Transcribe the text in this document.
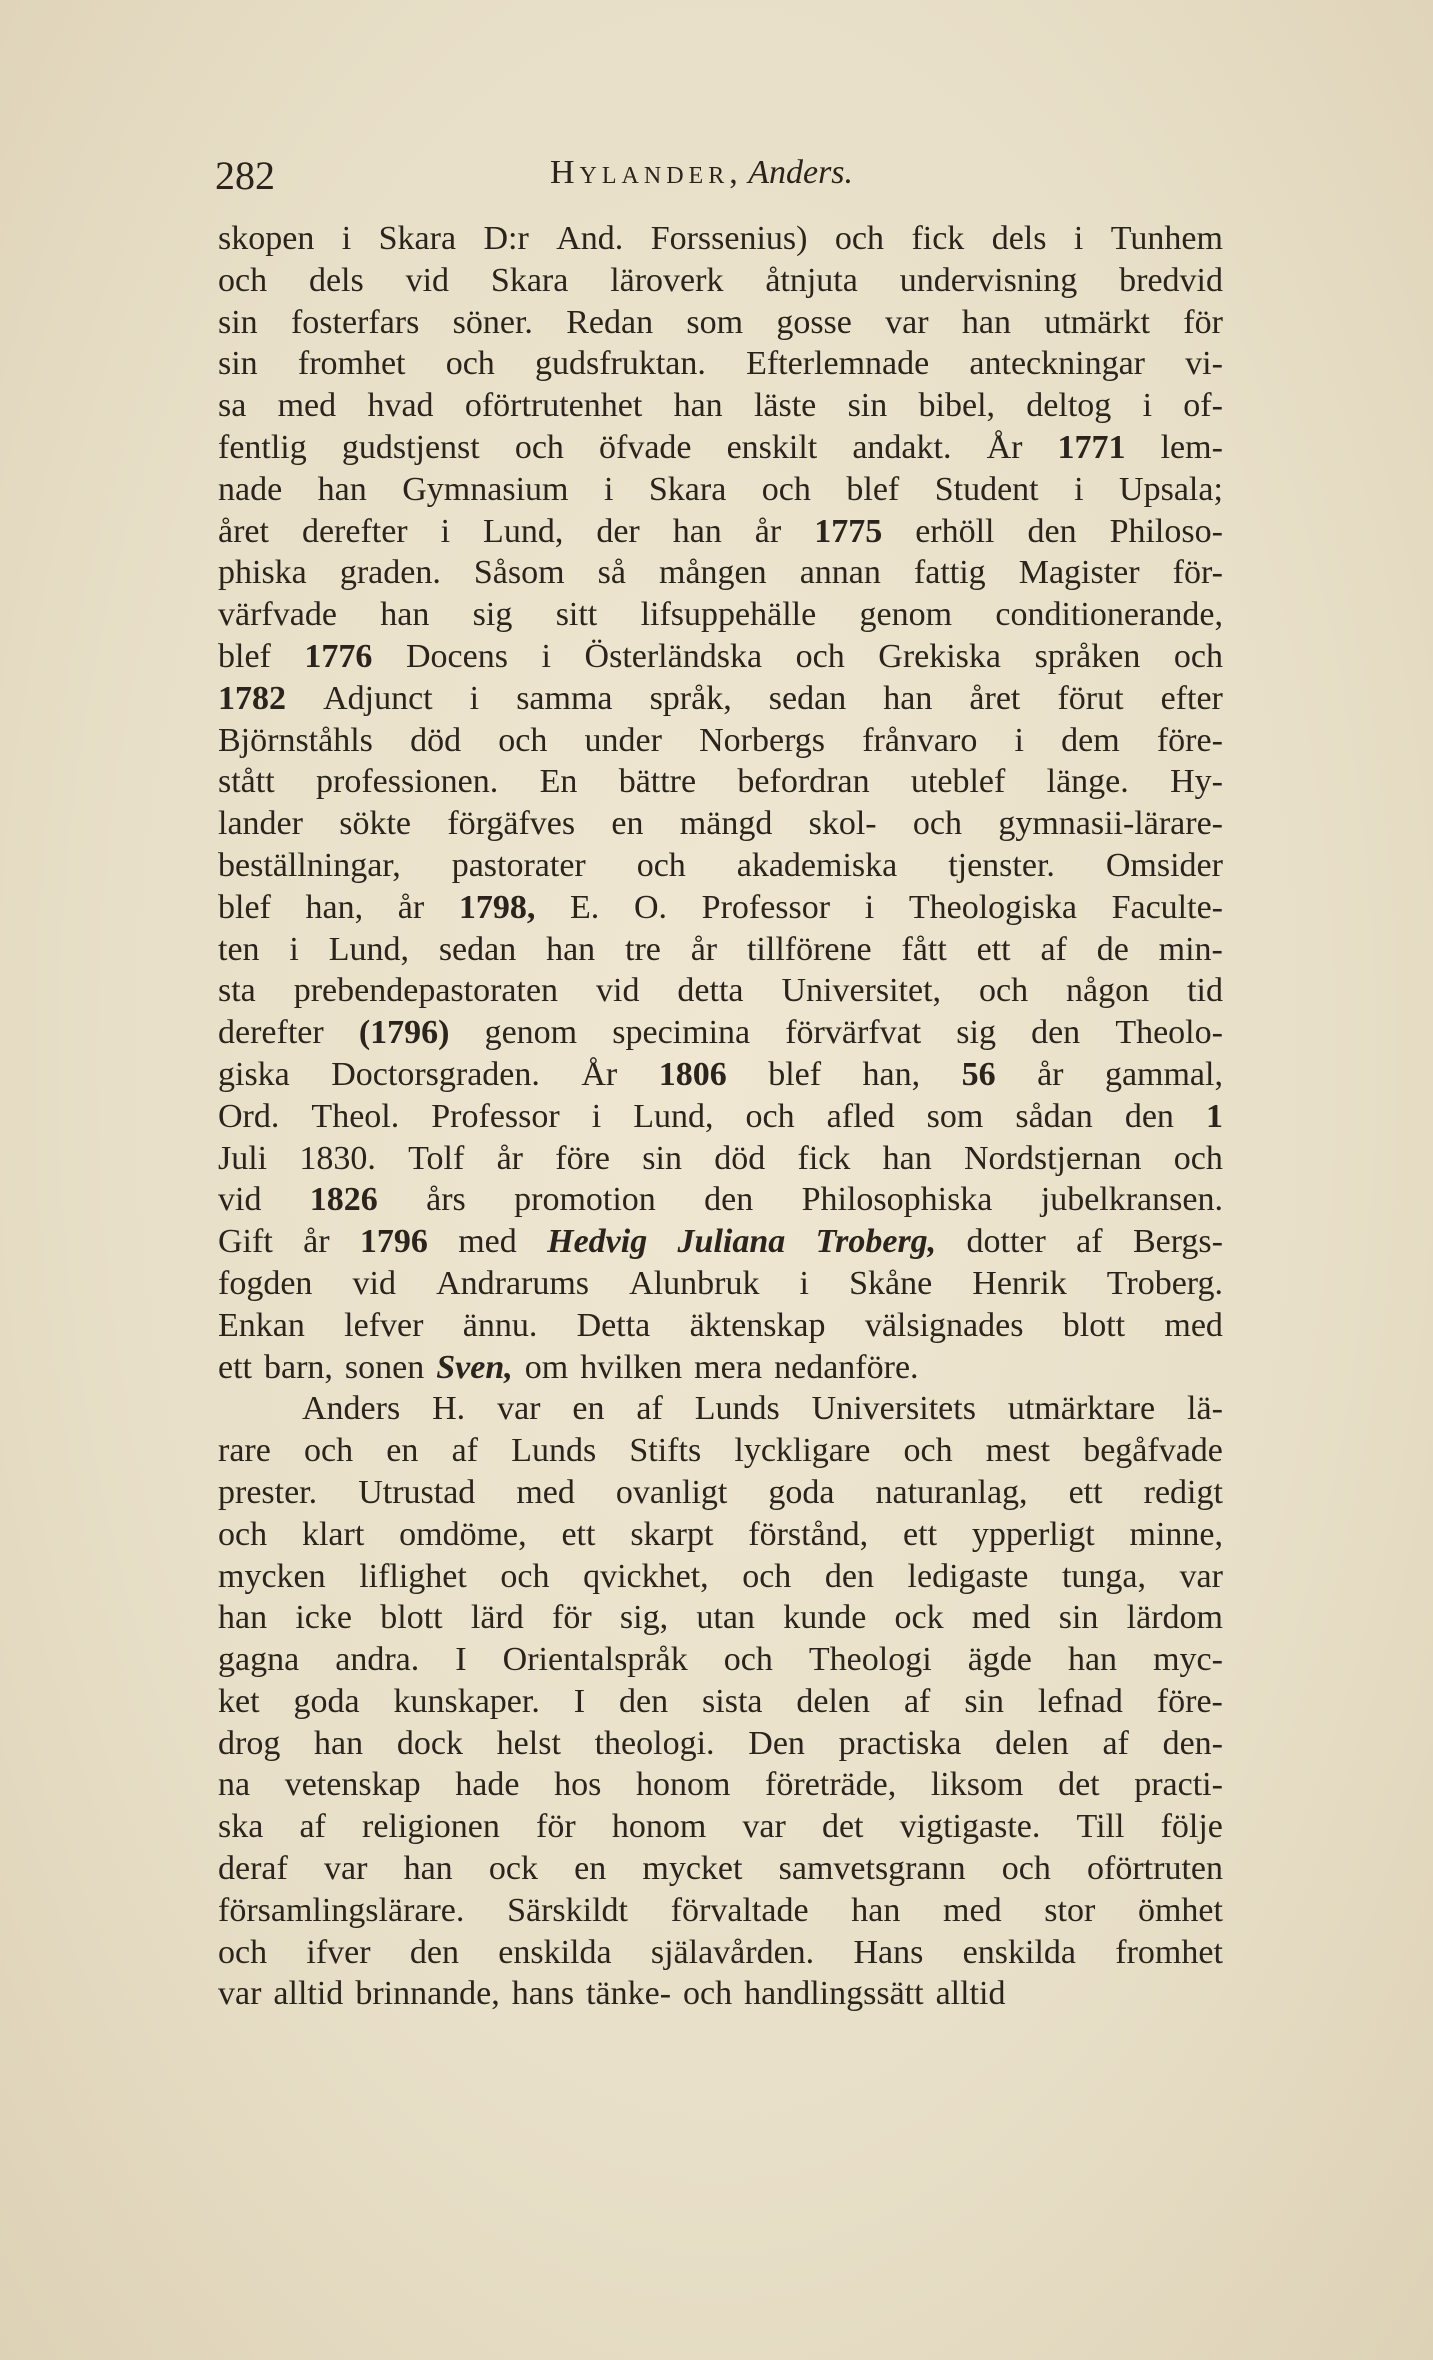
282	Hylander, Anders.
skopen i Skara D:r And. Forssenius) och fick dels i Tunhem
och dels vid Skara läroverk åtnjuta undervisning bredvid
sin fosterfars söner. Redan som gosse var han utmärkt för
sin fromhet och gudsfruktan. Efterlemnade anteckningar vi-
sa med hvad oförtrutenhet han läste sin bibel, deltog i of-
fentlig gudstjenst och öfvade enskilt andakt. År 1771 lem-
nade han Gymnasium i Skara och blef Student i Upsala;
året derefter i Lund, der han år 1775 erhöll den Philoso-
phiska graden. Såsom så mången annan fattig Magister för-
värfvade han sig sitt lifsuppehälle genom conditionerande,
blef 1776 Docens i Österländska och Grekiska språken och
1782 Adjunct i samma språk, sedan han året förut efter
Björnståhls död och under Norbergs frånvaro i dem före-
stått professionen. En bättre befordran uteblef länge. Hy-
lander sökte förgäfves en mängd skol- och gymnasii-lärare-
beställningar, pastorater och akademiska tjenster. Omsider
blef han, år 1798, E. O. Professor i Theologiska Faculte-
ten i Lund, sedan han tre år tillförene fått ett af de min-
sta prebendepastoraten vid detta Universitet, och någon tid
derefter (1796) genom specimina förvärfvat sig den Theolo-
giska Doctorsgraden. År 1806 blef han, 56 år gammal,
Ord. Theol. Professor i Lund, och afled som sådan den 1
Juli 1830. Tolf år före sin död fick han Nordstjernan och
vid 1826 års promotion den Philosophiska jubelkransen.
Gift år 1796 med Hedvig Juliana Troberg, dotter af Bergs-
fogden vid Andrarums Alunbruk i Skåne Henrik Troberg.
Enkan lefver ännu. Detta äktenskap välsignades blott med
ett barn, sonen Sven, om hvilken mera nedanföre.
Anders H. var en af Lunds Universitets utmärktare lä-
rare och en af Lunds Stifts lyckligare och mest begåfvade
prester. Utrustad med ovanligt goda naturanlag, ett redigt
och klart omdöme, ett skarpt förstånd, ett ypperligt minne,
mycken liflighet och qvickhet, och den ledigaste tunga, var
han icke blott lärd för sig, utan kunde ock med sin lärdom
gagna andra. I Orientalspråk och Theologi ägde han myc-
ket goda kunskaper. I den sista delen af sin lefnad före-
drog han dock helst theologi. Den practiska delen af den-
na vetenskap hade hos honom företräde, liksom det practi-
ska af religionen för honom var det vigtigaste. Till följe
deraf var han ock en mycket samvetsgrann och oförtruten
församlingslärare. Särskildt förvaltade han med stor ömhet
och ifver den enskilda själavården. Hans enskilda fromhet
var alltid brinnande, hans tänke- och handlingssätt alltid
